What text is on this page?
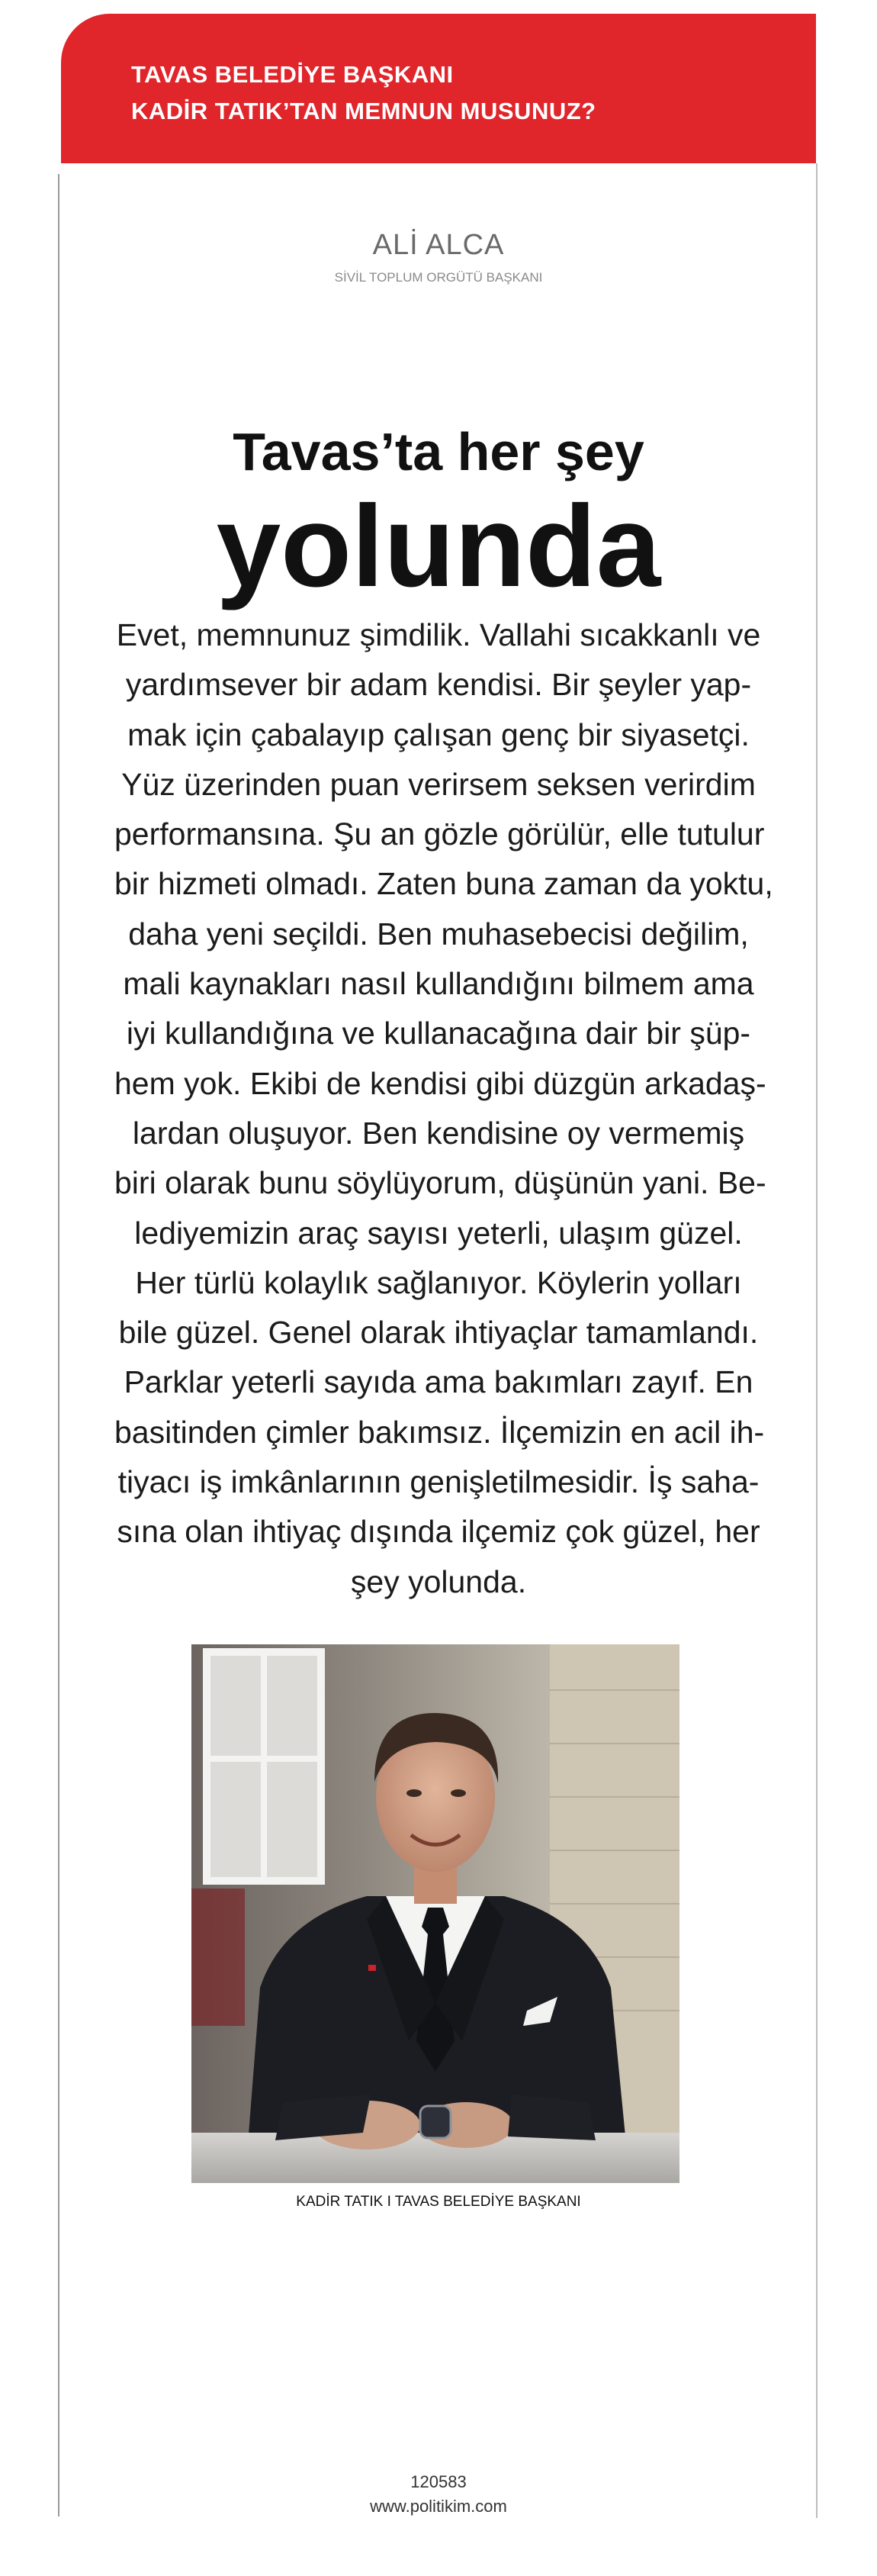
TAVAS BELEDİYE BAŞKANI
KADİR TATIK’TAN MEMNUN MUSUNUZ?
ALİ ALCA
SİVİL TOPLUM ORGÜTÜ BAŞKANI
Tavas’ta her şey
yolunda
Evet, memnunuz şimdilik. Vallahi sıcakkanlı ve
yardımsever bir adam kendisi. Bir şeyler yap-
mak için çabalayıp çalışan genç bir siyasetçi.
Yüz üzerinden puan verirsem seksen verirdim
performansına. Şu an gözle görülür, elle tutulur
bir hizmeti olmadı. Zaten buna zaman da yoktu,
daha yeni seçildi. Ben muhasebecisi değilim,
mali kaynakları nasıl kullandığını bilmem ama
iyi kullandığına ve kullanacağına dair bir şüp-
hem yok. Ekibi de kendisi gibi düzgün arkadaş-
lardan oluşuyor. Ben kendisine oy vermemiş
biri olarak bunu söylüyorum, düşünün yani. Be-
lediyemizin araç sayısı yeterli, ulaşım güzel.
Her türlü kolaylık sağlanıyor. Köylerin yolları
bile güzel. Genel olarak ihtiyaçlar tamamlandı.
Parklar yeterli sayıda ama bakımları zayıf. En
basitinden çimler bakımsız. İlçemizin en acil ih-
tiyacı iş imkânlarının genişletilmesidir. İş saha-
sına olan ihtiyaç dışında ilçemiz çok güzel, her
şey yolunda.
KADİR TATIK I TAVAS BELEDİYE BAŞKANI
120583
www.politikim.com
